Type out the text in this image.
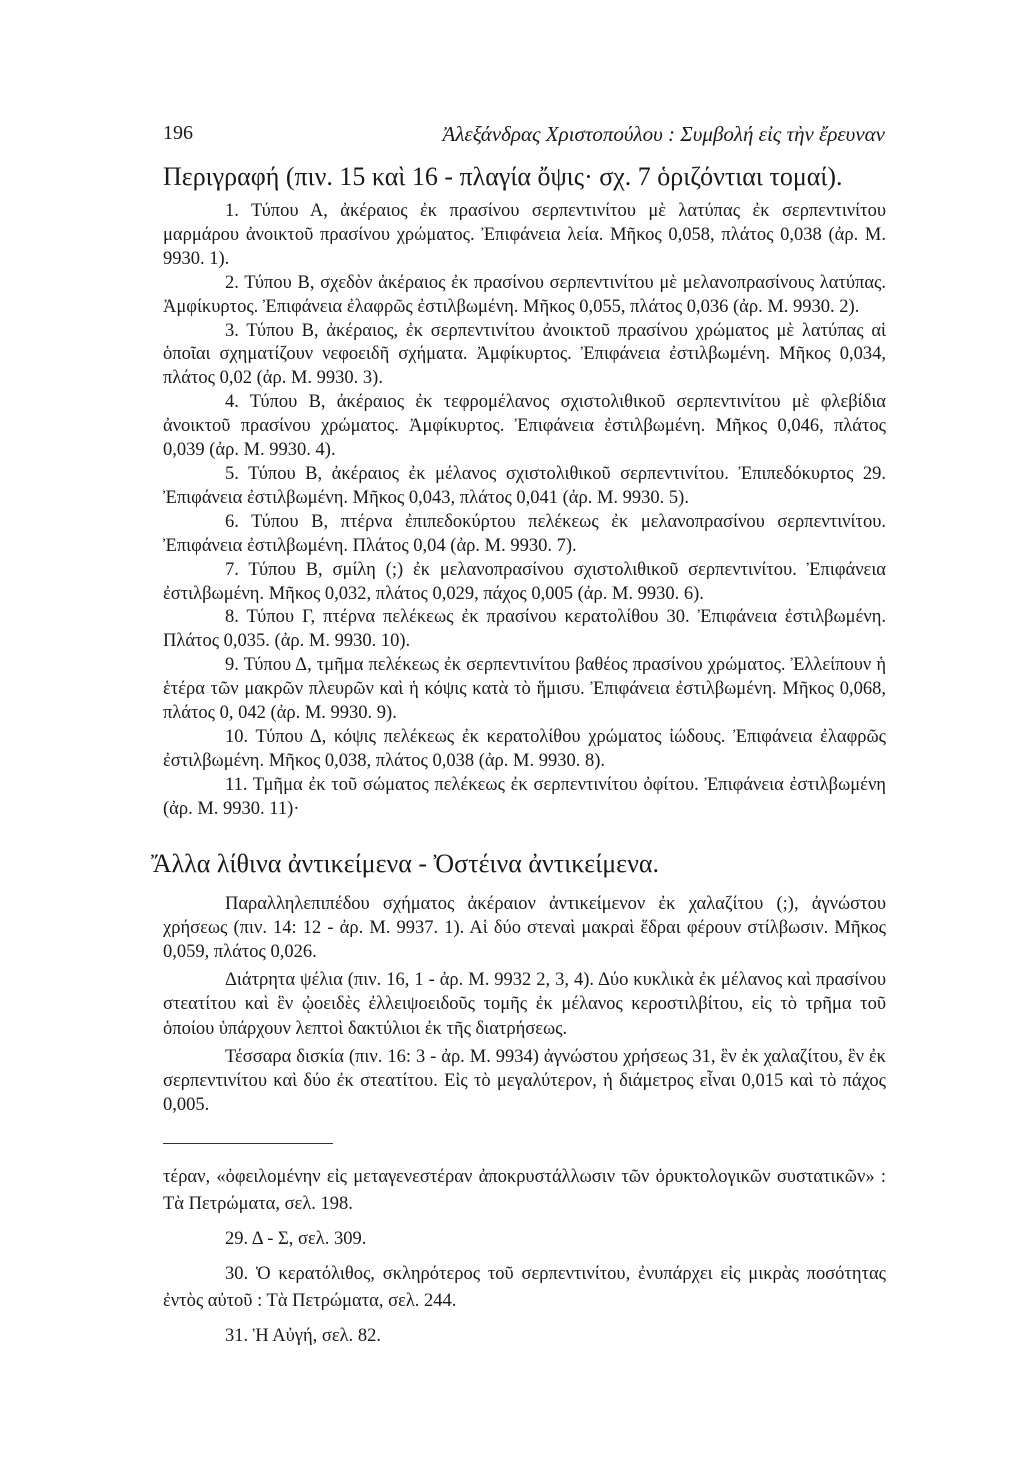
196	Ἀλεξάνδρας Χριστοπούλου : Συμβολή εἰς τὴν ἔρευναν

Περιγραφή (πιν. 15 καὶ 16 - πλαγία ὄψις· σχ. 7 ὁριζόντιαι τομαί).

1. Τύπου Α, ἀκέραιος ἐκ πρασίνου σερπεντινίτου μὲ λατύπας ἐκ σερπεντινίτου μαρμάρου ἀνοικτοῦ πρασίνου χρώματος. Ἐπιφάνεια λεία. Μῆκος 0,058, πλάτος 0,038 (ἀρ. Μ. 9930. 1).

2. Τύπου Β, σχεδὸν ἀκέραιος ἐκ πρασίνου σερπεντινίτου μὲ μελανοπρασίνους λατύπας. Ἀμφίκυρτος. Ἐπιφάνεια ἐλαφρῶς ἐστιλβωμένη. Μῆκος 0,055, πλάτος 0,036 (ἀρ. Μ. 9930. 2).

3. Τύπου Β, ἀκέραιος, ἐκ σερπεντινίτου ἀνοικτοῦ πρασίνου χρώματος μὲ λατύπας αἱ ὁποῖαι σχηματίζουν νεφοειδῆ σχήματα. Ἀμφίκυρτος. Ἐπιφάνεια ἐστιλβωμένη. Μῆκος 0,034, πλάτος 0,02 (ἀρ. Μ. 9930. 3).

4. Τύπου Β, ἀκέραιος ἐκ τεφρομέλανος σχιστολιθικοῦ σερπεντινίτου μὲ φλεβίδια ἀνοικτοῦ πρασίνου χρώματος. Ἀμφίκυρτος. Ἐπιφάνεια ἐστιλβωμένη. Μῆκος 0,046, πλάτος 0,039 (ἀρ. Μ. 9930. 4).

5. Τύπου Β, ἀκέραιος ἐκ μέλανος σχιστολιθικοῦ σερπεντινίτου. Ἐπιπεδόκυρτος 29. Ἐπιφάνεια ἐστιλβωμένη. Μῆκος 0,043, πλάτος 0,041 (ἀρ. Μ. 9930. 5).

6. Τύπου Β, πτέρνα ἐπιπεδοκύρτου πελέκεως ἐκ μελανοπρασίνου σερπεντινίτου. Ἐπιφάνεια ἐστιλβωμένη. Πλάτος 0,04 (ἀρ. Μ. 9930. 7).

7. Τύπου Β, σμίλη (;) ἐκ μελανοπρασίνου σχιστολιθικοῦ σερπεντινίτου. Ἐπιφάνεια ἐστιλβωμένη. Μῆκος 0,032, πλάτος 0,029, πάχος 0,005 (ἀρ. Μ. 9930. 6).

8. Τύπου Γ, πτέρνα πελέκεως ἐκ πρασίνου κερατολίθου 30. Ἐπιφάνεια ἐστιλβωμένη. Πλάτος 0,035. (ἀρ. Μ. 9930. 10).

9. Τύπου Δ, τμῆμα πελέκεως ἐκ σερπεντινίτου βαθέος πρασίνου χρώματος. Ἐλλείπουν ἡ ἑτέρα τῶν μακρῶν πλευρῶν καὶ ἡ κόψις κατὰ τὸ ἥμισυ. Ἐπιφάνεια ἐστιλβωμένη. Μῆκος 0,068, πλάτος 0, 042 (ἀρ. Μ. 9930. 9).

10. Τύπου Δ, κόψις πελέκεως ἐκ κερατολίθου χρώματος ἰώδους. Ἐπιφάνεια ἐλαφρῶς ἐστιλβωμένη. Μῆκος 0,038, πλάτος 0,038 (ἀρ. Μ. 9930. 8).

11. Τμῆμα ἐκ τοῦ σώματος πελέκεως ἐκ σερπεντινίτου ὀφίτου. Ἐπιφάνεια ἐστιλβωμένη (ἀρ. Μ. 9930. 11)·

Ἄλλα λίθινα ἀντικείμενα - Ὀστέινα ἀντικείμενα.

Παραλληλεπιπέδου σχήματος ἀκέραιον ἀντικείμενον ἐκ χαλαζίτου (;), ἀγνώστου χρήσεως (πιν. 14: 12 - ἀρ. Μ. 9937. 1). Αἱ δύο στεναὶ μακραὶ ἕδραι φέρουν στίλβωσιν. Μῆκος 0,059, πλάτος 0,026.

Διάτρητα ψέλια (πιν. 16, 1 - ἀρ. Μ. 9932 2, 3, 4). Δύο κυκλικὰ ἐκ μέλανος καὶ πρασίνου στεατίτου καὶ ἓν ᾠοειδὲς ἐλλειψοειδοῦς τομῆς ἐκ μέλανος κεροστιλβίτου, εἰς τὸ τρῆμα τοῦ ὁποίου ὑπάρχουν λεπτοὶ δακτύλιοι ἐκ τῆς διατρήσεως.

Τέσσαρα δισκία (πιν. 16: 3 - ἀρ. Μ. 9934) ἀγνώστου χρήσεως 31, ἓν ἐκ χαλαζίτου, ἓν ἐκ σερπεντινίτου καὶ δύο ἐκ στεατίτου. Εἰς τὸ μεγαλύτερον, ἡ διάμετρος εἶναι 0,015 καὶ τὸ πάχος 0,005.

τέραν, «ὀφειλομένην εἰς μεταγενεστέραν ἀποκρυστάλλωσιν τῶν ὀρυκτολογικῶν συστατικῶν» : Τὰ Πετρώματα, σελ. 198.

29. Δ - Σ, σελ. 309.

30. Ὁ κερατόλιθος, σκληρότερος τοῦ σερπεντινίτου, ἐνυπάρχει εἰς μικρὰς ποσότητας ἐντὸς αὐτοῦ : Τὰ Πετρώματα, σελ. 244.

31. Ἡ Αὐγή, σελ. 82.
